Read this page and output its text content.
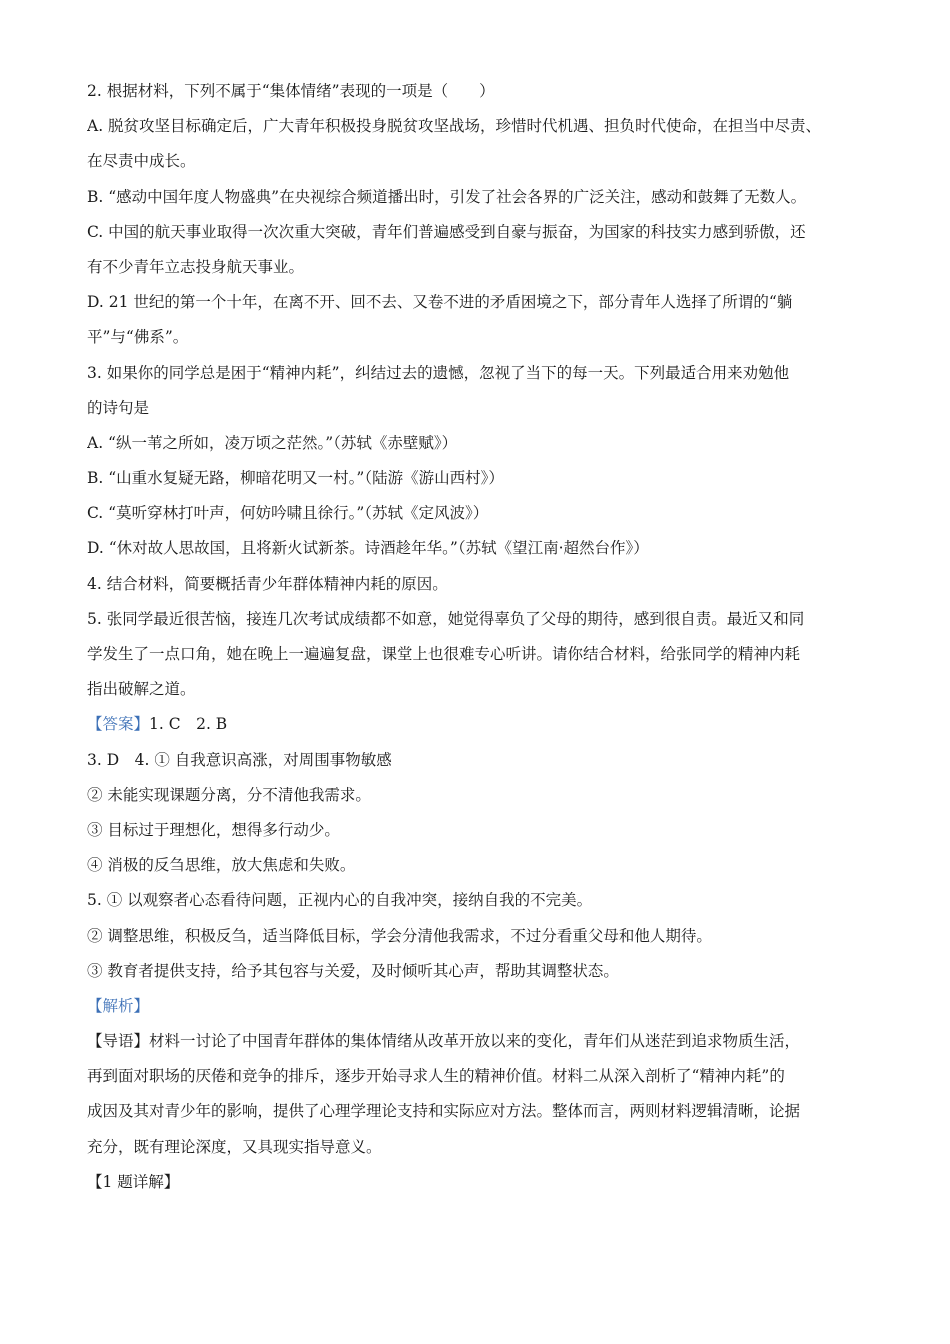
2. 根据材料，下列不属于“集体情绪”表现的一项是（　　）
A. 脱贫攻坚目标确定后，广大青年积极投身脱贫攻坚战场，珍惜时代机遇、担负时代使命，在担当中尽责、
在尽责中成长。
B. “感动中国年度人物盛典”在央视综合频道播出时，引发了社会各界的广泛关注，感动和鼓舞了无数人。
C. 中国的航天事业取得一次次重大突破，青年们普遍感受到自豪与振奋，为国家的科技实力感到骄傲，还
有不少青年立志投身航天事业。
D. 21 世纪的第一个十年，在离不开、回不去、又卷不进的矛盾困境之下，部分青年人选择了所谓的“躺
平”与“佛系”。
3. 如果你的同学总是困于“精神内耗”，纠结过去的遗憾，忽视了当下的每一天。下列最适合用来劝勉他
的诗句是
A. “纵一苇之所如，凌万顷之茫然。”（苏轼《赤壁赋》）
B. “山重水复疑无路，柳暗花明又一村。”（陆游《游山西村》）
C. “莫听穿林打叶声，何妨吟啸且徐行。”（苏轼《定风波》）
D. “休对故人思故国，且将新火试新茶。诗酒趁年华。”（苏轼《望江南·超然台作》）
4. 结合材料，简要概括青少年群体精神内耗的原因。
5. 张同学最近很苦恼，接连几次考试成绩都不如意，她觉得辜负了父母的期待，感到很自责。最近又和同
学发生了一点口角，她在晚上一遍遍复盘，课堂上也很难专心听讲。请你结合材料，给张同学的精神内耗
指出破解之道。
【答案】1. C　2. B
3. D　4. ① 自我意识高涨，对周围事物敏感
② 未能实现课题分离，分不清他我需求。
③ 目标过于理想化，想得多行动少。
④ 消极的反刍思维，放大焦虑和失败。
5. ① 以观察者心态看待问题，正视内心的自我冲突，接纳自我的不完美。
② 调整思维，积极反刍，适当降低目标，学会分清他我需求，不过分看重父母和他人期待。
③ 教育者提供支持，给予其包容与关爱，及时倾听其心声，帮助其调整状态。
【解析】
【导语】材料一讨论了中国青年群体的集体情绪从改革开放以来的变化，青年们从迷茫到追求物质生活，
再到面对职场的厌倦和竞争的排斥，逐步开始寻求人生的精神价值。材料二从深入剖析了“精神内耗”的
成因及其对青少年的影响，提供了心理学理论支持和实际应对方法。整体而言，两则材料逻辑清晰，论据
充分，既有理论深度，又具现实指导意义。
【1 题详解】
